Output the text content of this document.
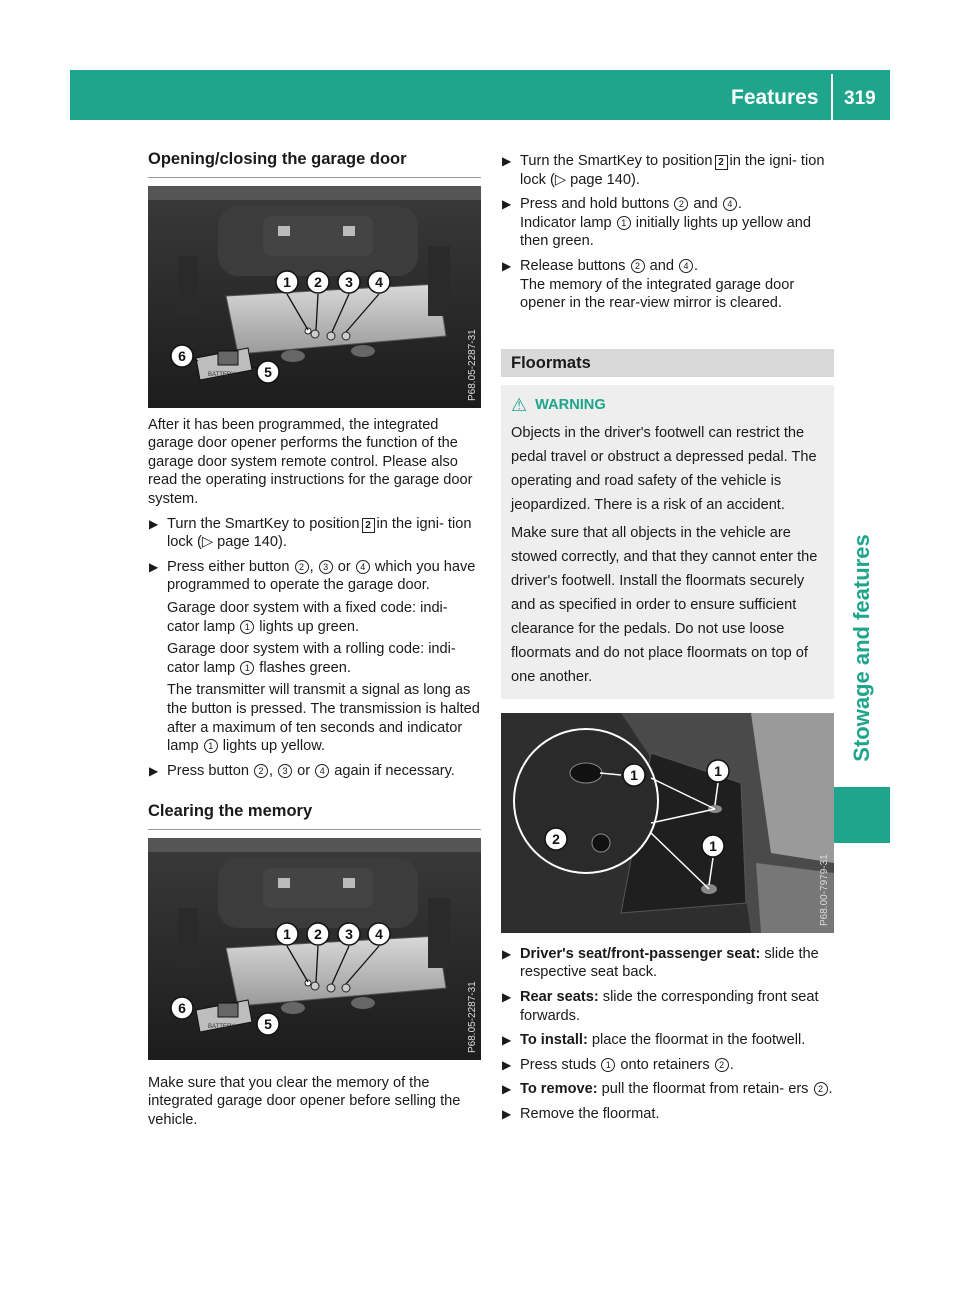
Features 319
Stowage and features
Opening/closing the garage door
1 2 3 4
6
5
BATTERY	P68.05-2287-31

After it has been programmed, the integrated garage door opener performs the function of the garage door system remote control. Please also read the operating instructions for the garage door system.

▶ Turn the SmartKey to position 2 in the igni- tion lock (▷ page 140).
▶ Press either button 2 , 3 or 4 which you have programmed to operate the garage door.

Garage door system with a fixed code: indi- cator lamp 1 lights up green.

Garage door system with a rolling code: indi- cator lamp 1 flashes green.

The transmitter will transmit a signal as long as the button is pressed. The transmission is halted after a maximum of ten seconds and indicator lamp 1 lights up yellow.

▶ Press button 2 , 3 or 4 again if necessary.
Clearing the memory
1 2 3 4
6
5
BATTERY	P68.05-2287-31

Make sure that you clear the memory of the integrated garage door opener before selling the vehicle.

▶ Turn the SmartKey to position 2 in the igni- tion lock (▷ page 140).
▶ Press and hold buttons 2 and 4 .
Indicator lamp 1 initially lights up yellow and then green.
▶ Release buttons 2 and 4 .
The memory of the integrated garage door opener in the rear-view mirror is cleared.
Floormats
⚠ WARNING

Objects in the driver's footwell can restrict the pedal travel or obstruct a depressed pedal. The operating and road safety of the vehicle is jeopardized. There is a risk of an accident.

Make sure that all objects in the vehicle are stowed correctly, and that they cannot enter the driver's footwell. Install the floormats securely and as specified in order to ensure sufficient clearance for the pedals. Do not use loose floormats and do not place floormats on top of one another.

1	1
1
2
P68.00-7979-31
▶ Driver's seat/front-passenger seat: slide the respective seat back.
▶ Rear seats: slide the corresponding front seat forwards.
▶ To install: place the floormat in the footwell.
▶ Press studs 1 onto retainers 2 .
▶ To remove: pull the floormat from retain- ers 2 .
▶ Remove the floormat.
